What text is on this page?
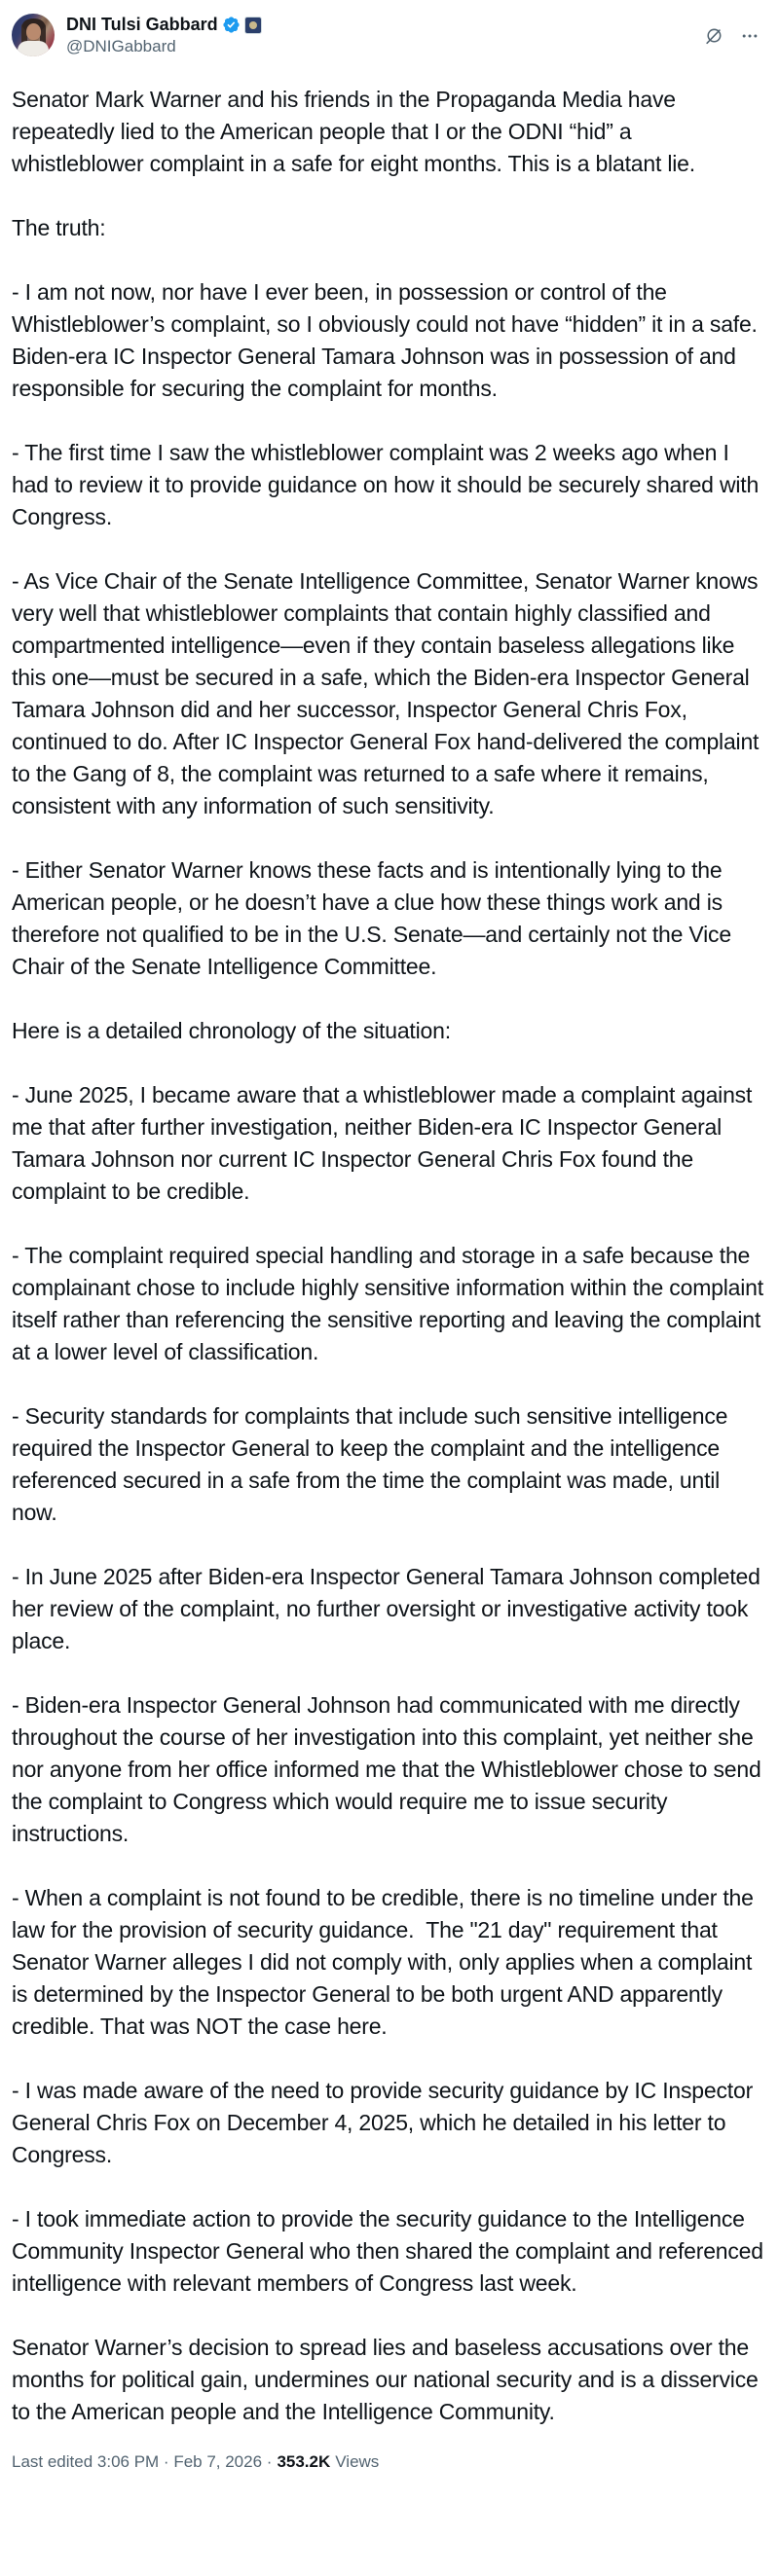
DNI Tulsi Gabbard
@DNIGabbard

Senator Mark Warner and his friends in the Propaganda Media have repeatedly lied to the American people that I or the ODNI “hid” a whistleblower complaint in a safe for eight months. This is a blatant lie.

The truth:

- I am not now, nor have I ever been, in possession or control of the Whistleblower’s complaint, so I obviously could not have “hidden” it in a safe. Biden-era IC Inspector General Tamara Johnson was in possession of and responsible for securing the complaint for months.

- The first time I saw the whistleblower complaint was 2 weeks ago when I had to review it to provide guidance on how it should be securely shared with Congress.

- As Vice Chair of the Senate Intelligence Committee, Senator Warner knows very well that whistleblower complaints that contain highly classified and compartmented intelligence—even if they contain baseless allegations like this one—must be secured in a safe, which the Biden-era Inspector General Tamara Johnson did and her successor, Inspector General Chris Fox, continued to do. After IC Inspector General Fox hand-delivered the complaint to the Gang of 8, the complaint was returned to a safe where it remains, consistent with any information of such sensitivity.

- Either Senator Warner knows these facts and is intentionally lying to the American people, or he doesn’t have a clue how these things work and is therefore not qualified to be in the U.S. Senate—and certainly not the Vice Chair of the Senate Intelligence Committee.

Here is a detailed chronology of the situation:

- June 2025, I became aware that a whistleblower made a complaint against me that after further investigation, neither Biden-era IC Inspector General Tamara Johnson nor current IC Inspector General Chris Fox found the complaint to be credible.

- The complaint required special handling and storage in a safe because the complainant chose to include highly sensitive information within the complaint itself rather than referencing the sensitive reporting and leaving the complaint at a lower level of classification.

- Security standards for complaints that include such sensitive intelligence required the Inspector General to keep the complaint and the intelligence referenced secured in a safe from the time the complaint was made, until now.

- In June 2025 after Biden-era Inspector General Tamara Johnson completed her review of the complaint, no further oversight or investigative activity took place.

- Biden-era Inspector General Johnson had communicated with me directly throughout the course of her investigation into this complaint, yet neither she nor anyone from her office informed me that the Whistleblower chose to send the complaint to Congress which would require me to issue security instructions.

- When a complaint is not found to be credible, there is no timeline under the law for the provision of security guidance.  The "21 day" requirement that Senator Warner alleges I did not comply with, only applies when a complaint is determined by the Inspector General to be both urgent AND apparently credible. That was NOT the case here.

- I was made aware of the need to provide security guidance by IC Inspector General Chris Fox on December 4, 2025, which he detailed in his letter to Congress.

- I took immediate action to provide the security guidance to the Intelligence Community Inspector General who then shared the complaint and referenced intelligence with relevant members of Congress last week.

Senator Warner’s decision to spread lies and baseless accusations over the months for political gain, undermines our national security and is a disservice to the American people and the Intelligence Community.

Last edited 3:06 PM · Feb 7, 2026 · 353.2K Views
